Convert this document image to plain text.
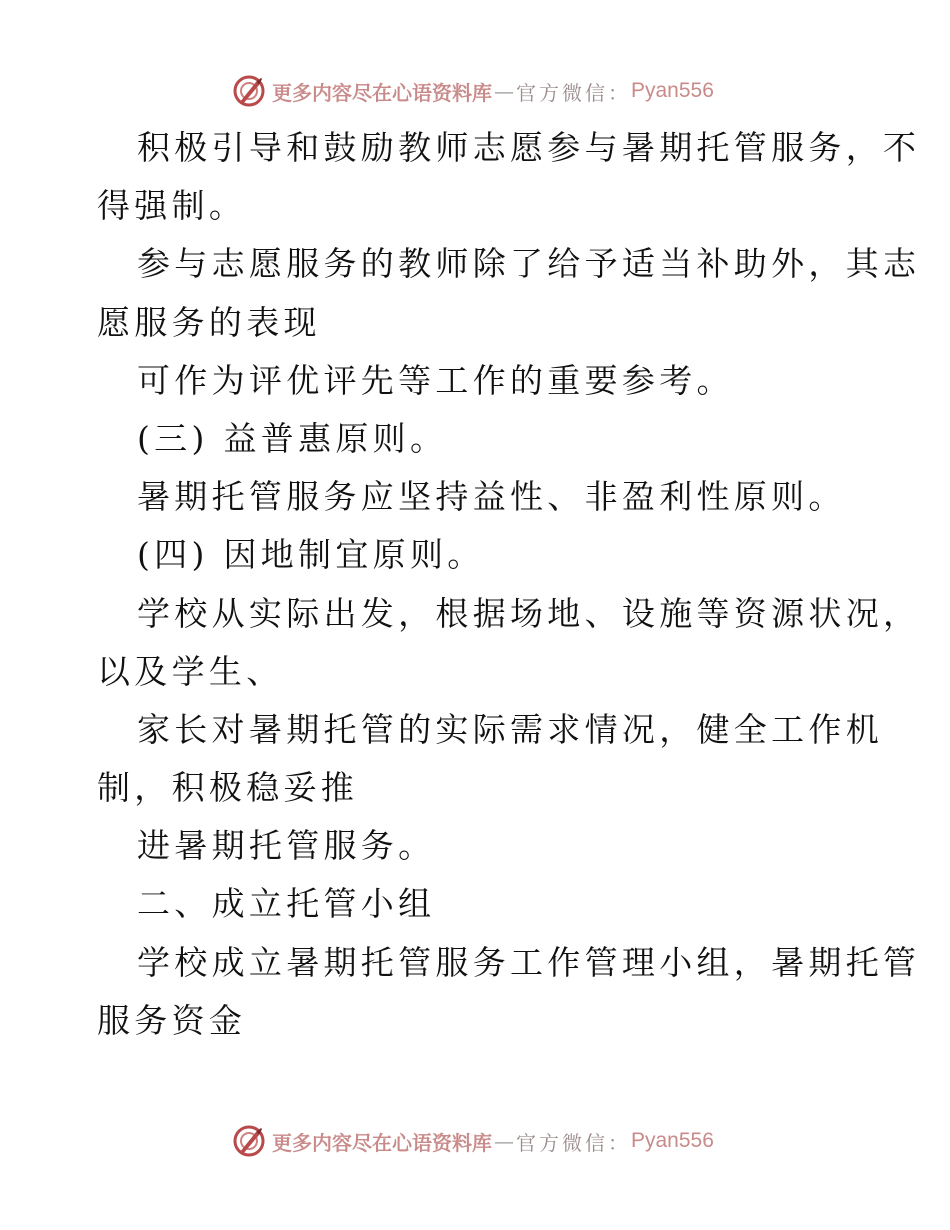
更多内容尽在心语资料库 — 官方微信： Pyan556
积极引导和鼓励教师志愿参与暑期托管服务，不
得强制。
参与志愿服务的教师除了给予适当补助外，其志
愿服务的表现
可作为评优评先等工作的重要参考。
(三) 益普惠原则。
暑期托管服务应坚持益性、非盈利性原则。
(四) 因地制宜原则。
学校从实际出发，根据场地、设施等资源状况，
以及学生、
家长对暑期托管的实际需求情况，健全工作机
制，积极稳妥推
进暑期托管服务。
二、成立托管小组
学校成立暑期托管服务工作管理小组，暑期托管
服务资金
更多内容尽在心语资料库 — 官方微信： Pyan556
